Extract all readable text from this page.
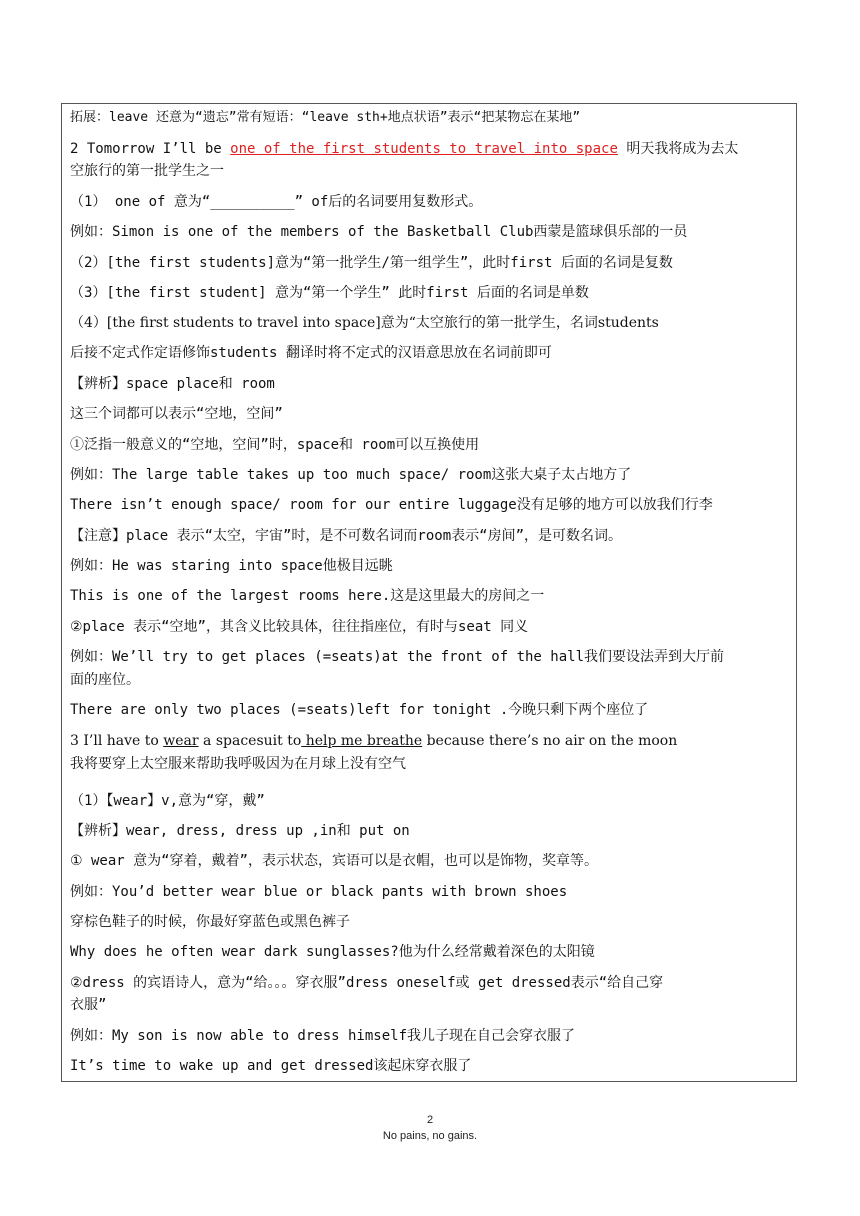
拓展：leave 还意为“遗忘”常有短语：“leave sth+地点状语”表示“把某物忘在某地”
2 Tomorrow I’ll be one of the first students to travel into space 明天我将成为去太
空旅行的第一批学生之一
（1） one of 意为“__________” of后的名词要用复数形式。
例如：Simon is one of the members of the Basketball Club西蒙是篮球俱乐部的一员
（2）[the first students]意为“第一批学生/第一组学生”，此时first 后面的名词是复数
（3）[the first student] 意为“第一个学生” 此时first 后面的名词是单数
（4）[the first students to travel into space]意为“太空旅行的第一批学生，名词students
后接不定式作定语修饰students 翻译时将不定式的汉语意思放在名词前即可
【辨析】space place和 room
这三个词都可以表示“空地，空间”
①泛指一般意义的“空地，空间”时，space和 room可以互换使用
例如：The large table takes up too much space/ room这张大桌子太占地方了
There isn’t enough space/ room for our entire luggage没有足够的地方可以放我们行李
【注意】place 表示“太空，宇宙”时，是不可数名词而room表示“房间”，是可数名词。
例如：He was staring into space他极目远眺
This is one of the largest rooms here.这是这里最大的房间之一
②place 表示“空地”，其含义比较具体，往往指座位，有时与seat 同义
例如：We’ll try to get places (=seats)at the front of the hall我们要设法弄到大厅前
面的座位。
There are only two places (=seats)left for tonight .今晚只剩下两个座位了
3 I’ll have to wear a spacesuit to help me breathe because there’s no air on the moon
我将要穿上太空服来帮助我呼吸因为在月球上没有空气
（1）【wear】v,意为“穿，戴”
【辨析】wear, dress, dress up ,in和 put on
① wear 意为“穿着，戴着”，表示状态，宾语可以是衣帽，也可以是饰物，奖章等。
例如：You’d better wear blue or black pants with brown shoes
穿棕色鞋子的时候，你最好穿蓝色或黑色裤子
Why does he often wear dark sunglasses?他为什么经常戴着深色的太阳镜
②dress 的宾语诗人，意为“给。。。穿衣服”dress oneself或 get dressed表示“给自己穿
衣服”
例如：My son is now able to dress himself我儿子现在自己会穿衣服了
It’s time to wake up and get dressed该起床穿衣服了
2
No pains, no gains.
